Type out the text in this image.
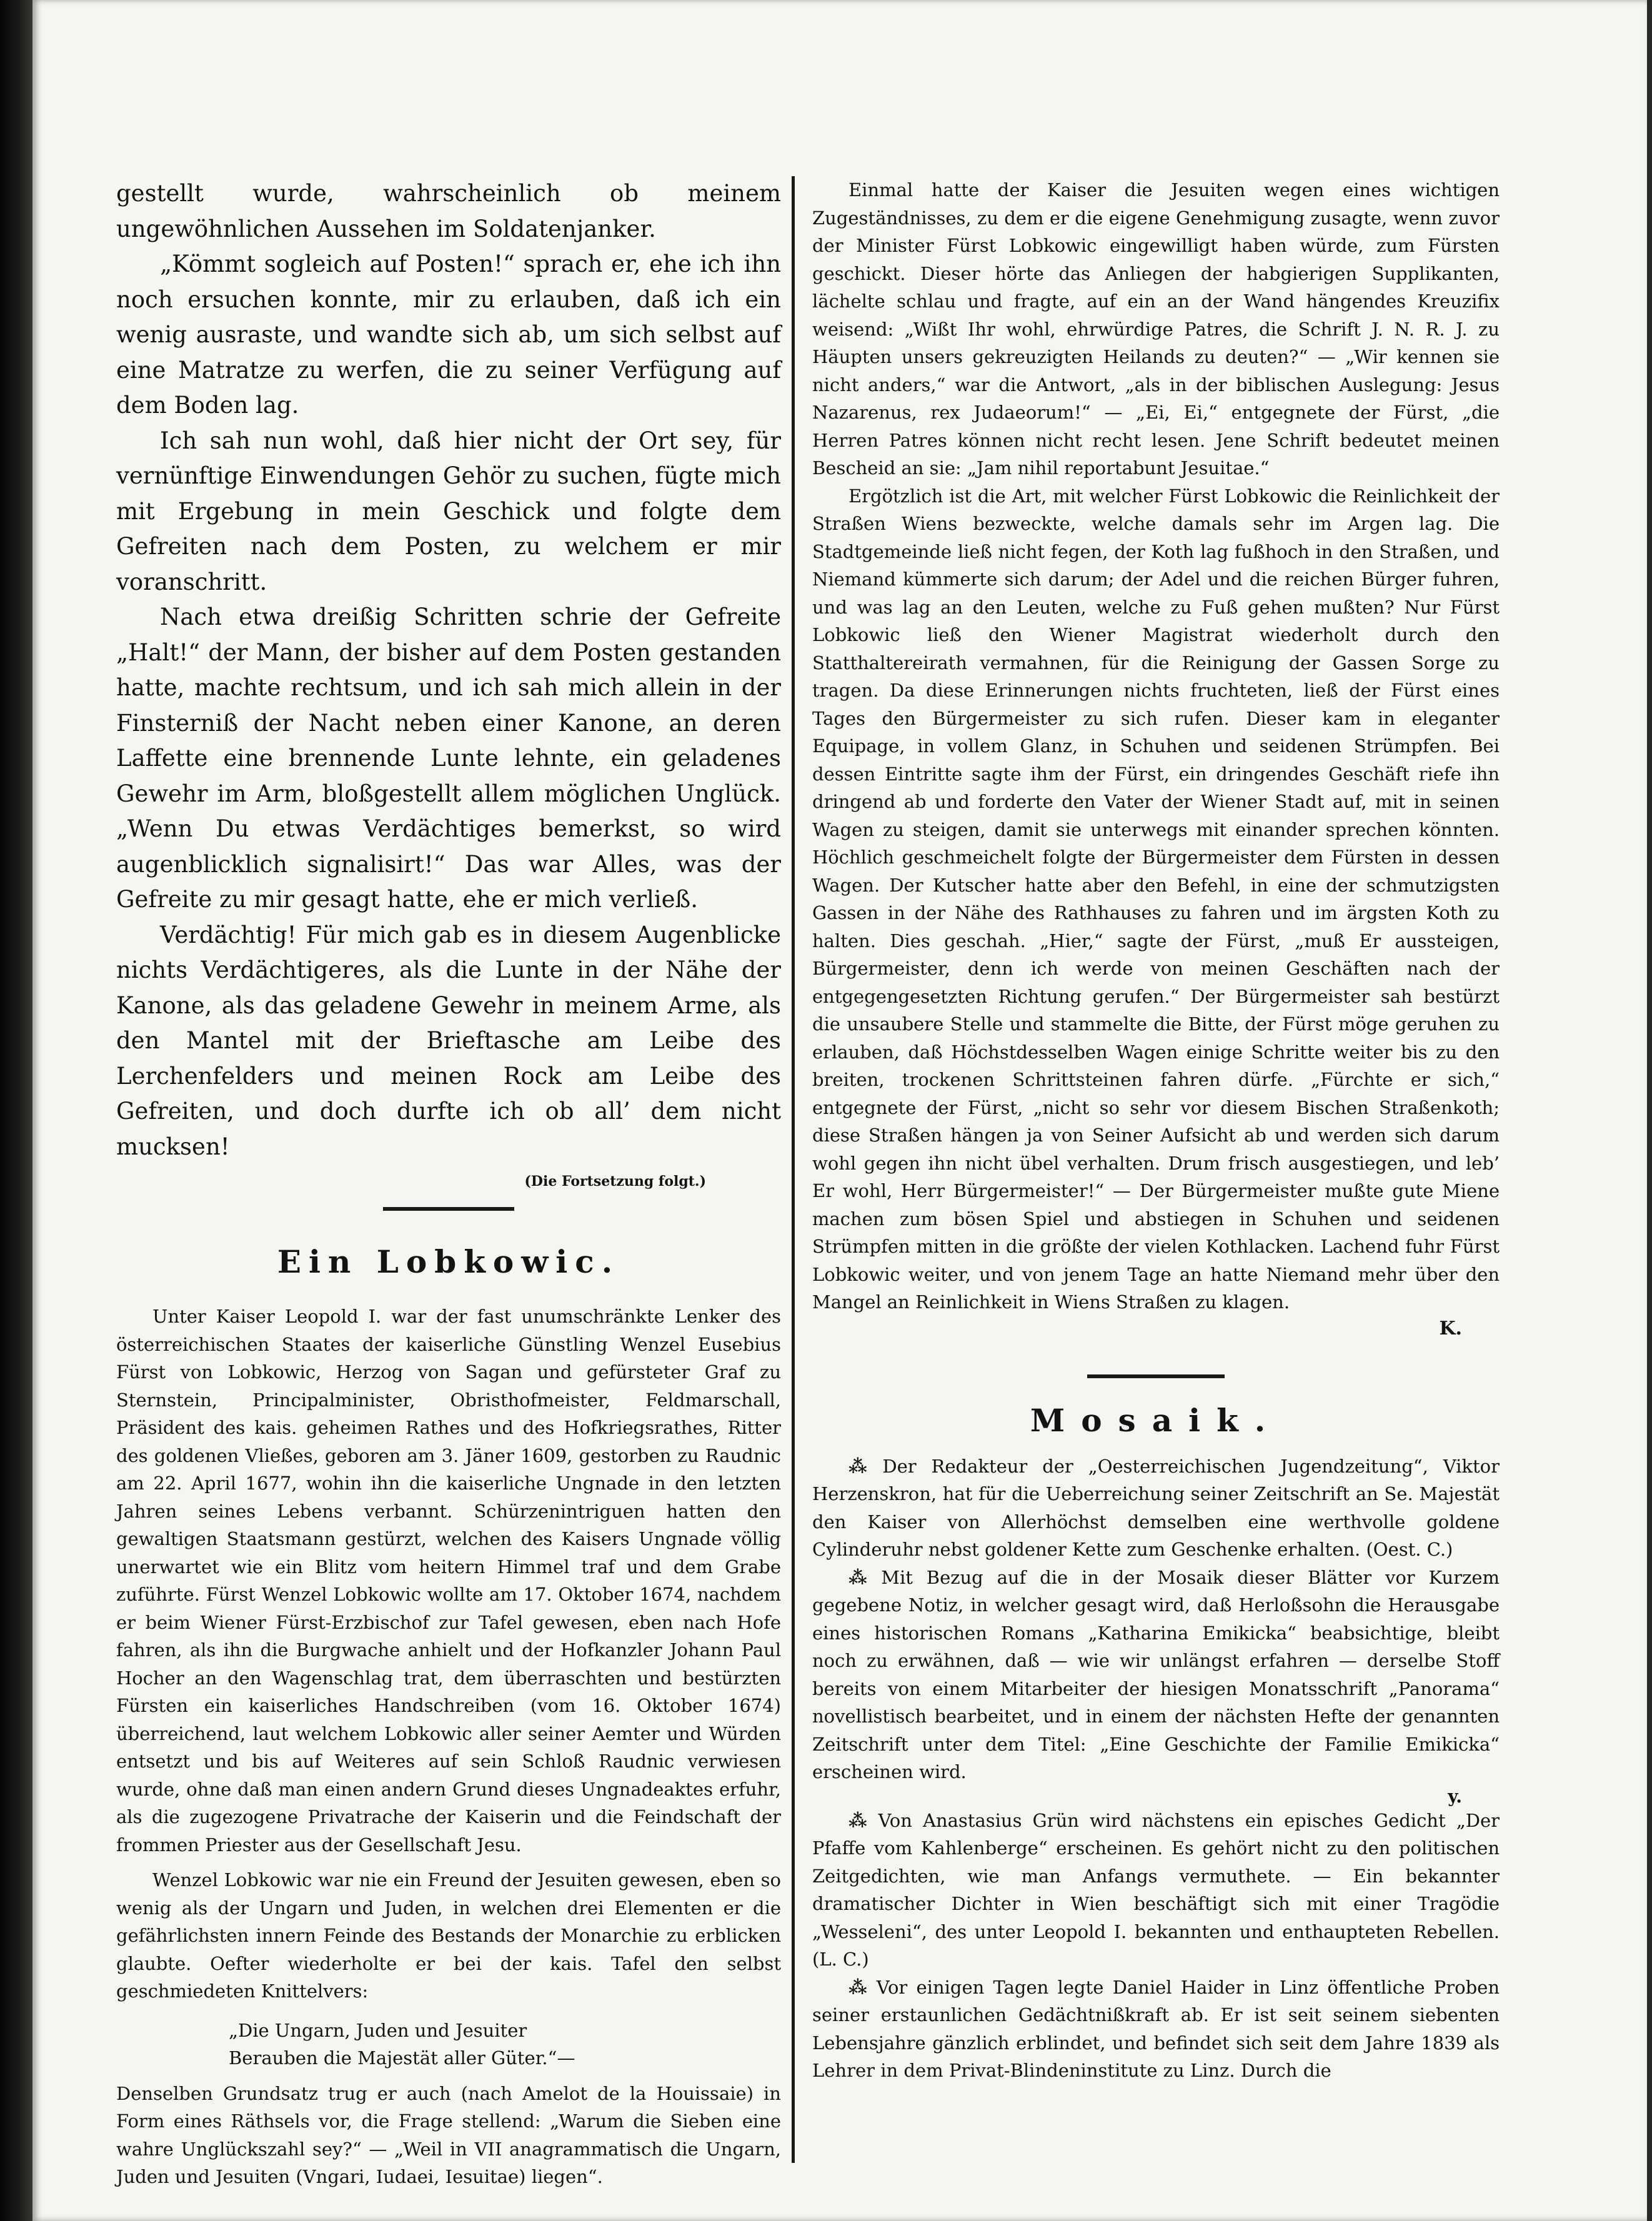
gestellt wurde, wahrscheinlich ob meinem ungewöhnlichen Aussehen im Soldatenjanker.

„Kömmt sogleich auf Posten!“ sprach er, ehe ich ihn noch ersuchen konnte, mir zu erlauben, daß ich ein wenig ausraste, und wandte sich ab, um sich selbst auf eine Matratze zu werfen, die zu seiner Verfügung auf dem Boden lag.

Ich sah nun wohl, daß hier nicht der Ort sey, für vernünftige Einwendungen Gehör zu suchen, fügte mich mit Ergebung in mein Geschick und folgte dem Gefreiten nach dem Posten, zu welchem er mir voranschritt.

Nach etwa dreißig Schritten schrie der Gefreite „Halt!“ der Mann, der bisher auf dem Posten gestanden hatte, machte rechtsum, und ich sah mich allein in der Finsterniß der Nacht neben einer Kanone, an deren Laffette eine brennende Lunte lehnte, ein geladenes Gewehr im Arm, bloßgestellt allem möglichen Unglück. „Wenn Du etwas Verdächtiges bemerkst, so wird augenblicklich signalisirt!“ Das war Alles, was der Gefreite zu mir gesagt hatte, ehe er mich verließ.

Verdächtig! Für mich gab es in diesem Augenblicke nichts Verdächtigeres, als die Lunte in der Nähe der Kanone, als das geladene Gewehr in meinem Arme, als den Mantel mit der Brieftasche am Leibe des Lerchenfelders und meinen Rock am Leibe des Gefreiten, und doch durfte ich ob all’ dem nicht mucksen!

(Die Fortsetzung folgt.)
Ein Lobkowic.

Unter Kaiser Leopold I. war der fast unumschränkte Lenker des österreichischen Staates der kaiserliche Günstling Wenzel Eusebius Fürst von Lobkowic, Herzog von Sagan und gefürsteter Graf zu Sternstein, Principalminister, Obristhofmeister, Feldmarschall, Präsident des kais. geheimen Rathes und des Hofkriegsrathes, Ritter des goldenen Vließes, geboren am 3. Jäner 1609, gestorben zu Raudnic am 22. April 1677, wohin ihn die kaiserliche Ungnade in den letzten Jahren seines Lebens verbannt. Schürzenintriguen hatten den gewaltigen Staatsmann gestürzt, welchen des Kaisers Ungnade völlig unerwartet wie ein Blitz vom heitern Himmel traf und dem Grabe zuführte. Fürst Wenzel Lobkowic wollte am 17. Oktober 1674, nachdem er beim Wiener Fürst-Erzbischof zur Tafel gewesen, eben nach Hofe fahren, als ihn die Burgwache anhielt und der Hofkanzler Johann Paul Hocher an den Wagenschlag trat, dem überraschten und bestürzten Fürsten ein kaiserliches Handschreiben (vom 16. Oktober 1674) überreichend, laut welchem Lobkowic aller seiner Aemter und Würden entsetzt und bis auf Weiteres auf sein Schloß Raudnic verwiesen wurde, ohne daß man einen andern Grund dieses Ungnadeaktes erfuhr, als die zugezogene Privatrache der Kaiserin und die Feindschaft der frommen Priester aus der Gesellschaft Jesu.

Wenzel Lobkowic war nie ein Freund der Jesuiten gewesen, eben so wenig als der Ungarn und Juden, in welchen drei Elementen er die gefährlichsten innern Feinde des Bestands der Monarchie zu erblicken glaubte. Oefter wiederholte er bei der kais. Tafel den selbst geschmiedeten Knittelvers:

„Die Ungarn, Juden und Jesuiter
Berauben die Majestät aller Güter.“—

Denselben Grundsatz trug er auch (nach Amelot de la Houissaie) in Form eines Räthsels vor, die Frage stellend: „Warum die Sieben eine wahre Unglückszahl sey?“ — „Weil in VII anagrammatisch die Ungarn, Juden und Jesuiten (Vngari, Iudaei, Iesuitae) liegen“.

Einmal hatte der Kaiser die Jesuiten wegen eines wichtigen Zugeständnisses, zu dem er die eigene Genehmigung zusagte, wenn zuvor der Minister Fürst Lobkowic eingewilligt haben würde, zum Fürsten geschickt. Dieser hörte das Anliegen der habgierigen Supplikanten, lächelte schlau und fragte, auf ein an der Wand hängendes Kreuzifix weisend: „Wißt Ihr wohl, ehrwürdige Patres, die Schrift J. N. R. J. zu Häupten unsers gekreuzigten Heilands zu deuten?“ — „Wir kennen sie nicht anders,“ war die Antwort, „als in der biblischen Auslegung: Jesus Nazarenus, rex Judaeorum!“ — „Ei, Ei,“ entgegnete der Fürst, „die Herren Patres können nicht recht lesen. Jene Schrift bedeutet meinen Bescheid an sie: „Jam nihil reportabunt Jesuitae.“

Ergötzlich ist die Art, mit welcher Fürst Lobkowic die Reinlichkeit der Straßen Wiens bezweckte, welche damals sehr im Argen lag. Die Stadtgemeinde ließ nicht fegen, der Koth lag fußhoch in den Straßen, und Niemand kümmerte sich darum; der Adel und die reichen Bürger fuhren, und was lag an den Leuten, welche zu Fuß gehen mußten? Nur Fürst Lobkowic ließ den Wiener Magistrat wiederholt durch den Statthaltereirath vermahnen, für die Reinigung der Gassen Sorge zu tragen. Da diese Erinnerungen nichts fruchteten, ließ der Fürst eines Tages den Bürgermeister zu sich rufen. Dieser kam in eleganter Equipage, in vollem Glanz, in Schuhen und seidenen Strümpfen. Bei dessen Eintritte sagte ihm der Fürst, ein dringendes Geschäft riefe ihn dringend ab und forderte den Vater der Wiener Stadt auf, mit in seinen Wagen zu steigen, damit sie unterwegs mit einander sprechen könnten. Höchlich geschmeichelt folgte der Bürgermeister dem Fürsten in dessen Wagen. Der Kutscher hatte aber den Befehl, in eine der schmutzigsten Gassen in der Nähe des Rathhauses zu fahren und im ärgsten Koth zu halten. Dies geschah. „Hier,“ sagte der Fürst, „muß Er aussteigen, Bürgermeister, denn ich werde von meinen Geschäften nach der entgegengesetzten Richtung gerufen.“ Der Bürgermeister sah bestürzt die unsaubere Stelle und stammelte die Bitte, der Fürst möge geruhen zu erlauben, daß Höchstdesselben Wagen einige Schritte weiter bis zu den breiten, trockenen Schrittsteinen fahren dürfe. „Fürchte er sich,“ entgegnete der Fürst, „nicht so sehr vor diesem Bischen Straßenkoth; diese Straßen hängen ja von Seiner Aufsicht ab und werden sich darum wohl gegen ihn nicht übel verhalten. Drum frisch ausgestiegen, und leb’ Er wohl, Herr Bürgermeister!“ — Der Bürgermeister mußte gute Miene machen zum bösen Spiel und abstiegen in Schuhen und seidenen Strümpfen mitten in die größte der vielen Kothlacken. Lachend fuhr Fürst Lobkowic weiter, und von jenem Tage an hatte Niemand mehr über den Mangel an Reinlichkeit in Wiens Straßen zu klagen.

K.
Mosaik.

⁂ Der Redakteur der „Oesterreichischen Jugendzeitung“, Viktor Herzenskron, hat für die Ueberreichung seiner Zeitschrift an Se. Majestät den Kaiser von Allerhöchst demselben eine werthvolle goldene Cylinderuhr nebst goldener Kette zum Geschenke erhalten. (Oest. C.)

⁂ Mit Bezug auf die in der Mosaik dieser Blätter vor Kurzem gegebene Notiz, in welcher gesagt wird, daß Herloßsohn die Herausgabe eines historischen Romans „Katharina Emikicka“ beabsichtige, bleibt noch zu erwähnen, daß — wie wir unlängst erfahren — derselbe Stoff bereits von einem Mitarbeiter der hiesigen Monatsschrift „Panorama“ novellistisch bearbeitet, und in einem der nächsten Hefte der genannten Zeitschrift unter dem Titel: „Eine Geschichte der Familie Emikicka“ erscheinen wird.

y.

⁂ Von Anastasius Grün wird nächstens ein episches Gedicht „Der Pfaffe vom Kahlenberge“ erscheinen. Es gehört nicht zu den politischen Zeitgedichten, wie man Anfangs vermuthete. — Ein bekannter dramatischer Dichter in Wien beschäftigt sich mit einer Tragödie „Wesseleni“, des unter Leopold I. bekannten und enthaupteten Rebellen. (L. C.)

⁂ Vor einigen Tagen legte Daniel Haider in Linz öffentliche Proben seiner erstaunlichen Gedächtnißkraft ab. Er ist seit seinem siebenten Lebensjahre gänzlich erblindet, und befindet sich seit dem Jahre 1839 als Lehrer in dem Privat-Blindeninstitute zu Linz. Durch die
